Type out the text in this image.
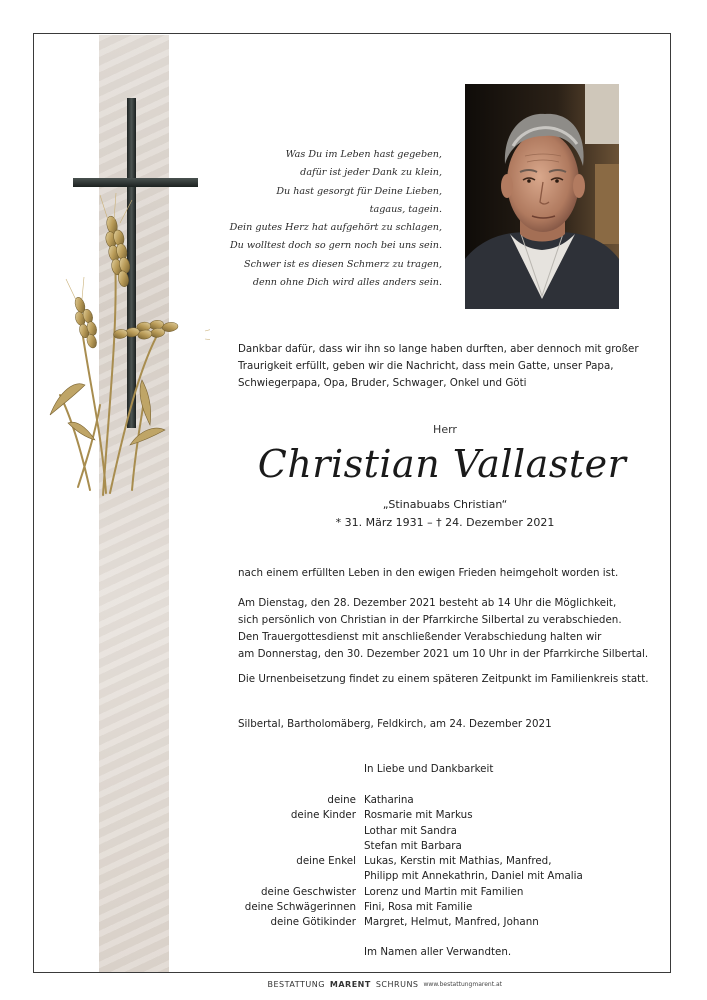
Was Du im Leben hast gegeben,
dafür ist jeder Dank zu klein,
Du hast gesorgt für Deine Lieben,
tagaus, tagein.
Dein gutes Herz hat aufgehört zu schlagen,
Du wolltest doch so gern noch bei uns sein.
Schwer ist es diesen Schmerz zu tragen,
denn ohne Dich wird alles anders sein.
Dankbar dafür, dass wir ihn so lange haben durften, aber dennoch mit großer
Traurigkeit erfüllt, geben wir die Nachricht, dass mein Gatte, unser Papa,
Schwiegerpapa, Opa, Bruder, Schwager, Onkel und Göti
Herr
Christian Vallaster
„Stinabuabs Christian“
* 31. März 1931 – † 24. Dezember 2021
nach einem erfüllten Leben in den ewigen Frieden heimgeholt worden ist.
Am Dienstag, den 28. Dezember 2021 besteht ab 14 Uhr die Möglichkeit,
sich persönlich von Christian in der Pfarrkirche Silbertal zu verabschieden.
Den Trauergottesdienst mit anschließender Verabschiedung halten wir
am Donnerstag, den 30. Dezember 2021 um 10 Uhr in der Pfarrkirche Silbertal.
Die Urnenbeisetzung findet zu einem späteren Zeitpunkt im Familienkreis statt.
Silbertal, Bartholomäberg, Feldkirch, am 24. Dezember 2021
In Liebe und Dankbarkeit
deine Katharina
deine Kinder Rosmarie mit Markus
Lothar mit Sandra
Stefan mit Barbara
deine Enkel Lukas, Kerstin mit Mathias, Manfred,
Philipp mit Annekathrin, Daniel mit Amalia
deine Geschwister Lorenz und Martin mit Familien
deine Schwägerinnen Fini, Rosa mit Familie
deine Götikinder Margret, Helmut, Manfred, Johann
Im Namen aller Verwandten.
BESTATTUNG MARENT SCHRUNS www.bestattungmarent.at
